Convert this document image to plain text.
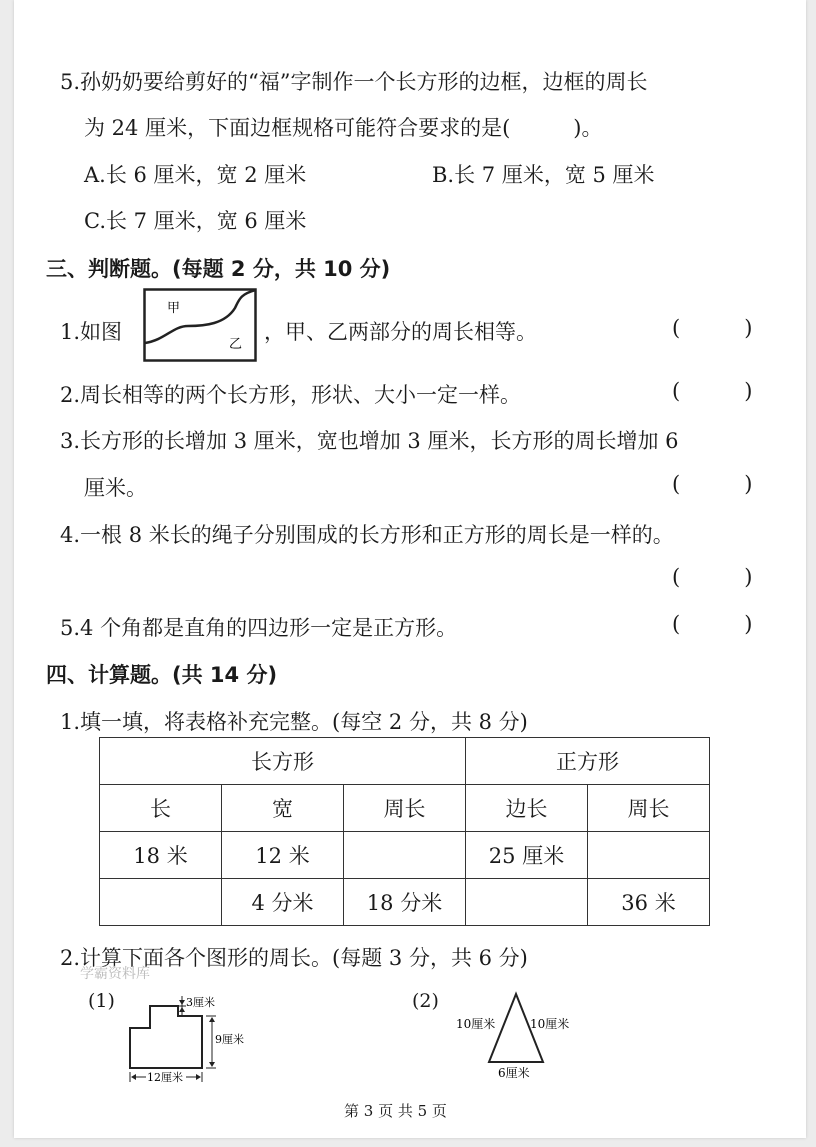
5.孙奶奶要给剪好的“福”字制作一个长方形的边框，边框的周长
为 24 厘米，下面边框规格可能符合要求的是(　　　)。
A.长 6 厘米，宽 2 厘米	B.长 7 厘米，宽 5 厘米
C.长 7 厘米，宽 6 厘米
三、判断题。(每题 2 分，共 10 分)
1.如图
甲
乙
，甲、乙两部分的周长相等。	(	)
2.周长相等的两个长方形，形状、大小一定一样。	(	)
3.长方形的长增加 3 厘米，宽也增加 3 厘米，长方形的周长增加 6
厘米。	(	)
4.一根 8 米长的绳子分别围成的长方形和正方形的周长是一样的。
(	)
5.4 个角都是直角的四边形一定是正方形。	(	)
四、计算题。(共 14 分)
1.填一填，将表格补充完整。(每空 2 分，共 8 分)
长方形			正方形	
长	宽	周长	边长	周长
18 米	12 米		25 厘米	
	4 分米	18 分米		36 米
2.计算下面各个图形的周长。(每题 3 分，共 6 分)
学霸资料库
(1)	3厘米
9厘米
12厘米
(2)
10厘米	10厘米
6厘米
第 3 页 共 5 页
